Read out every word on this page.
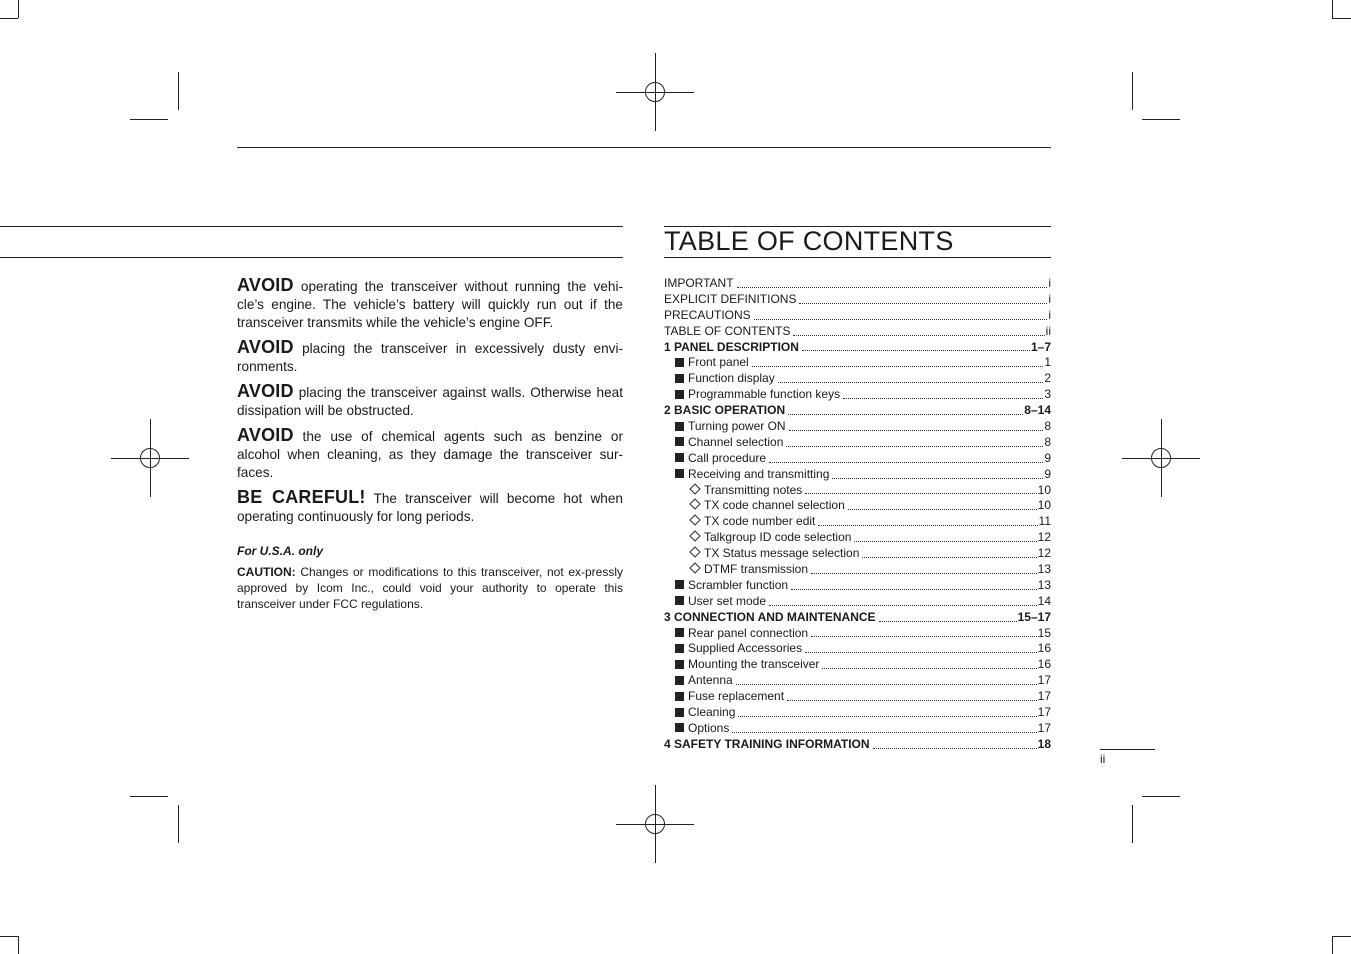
AVOID operating the transceiver without running the vehi-cle’s engine. The vehicle’s battery will quickly run out if the transceiver transmits while the vehicle’s engine OFF.

AVOID placing the transceiver in excessively dusty envi-ronments.

AVOID placing the transceiver against walls. Otherwise heat dissipation will be obstructed.

AVOID the use of chemical agents such as benzine or alcohol when cleaning, as they damage the transceiver sur-faces.

BE CAREFUL! The transceiver will become hot when operating continuously for long periods.

For U.S.A. only

CAUTION: Changes or modifications to this transceiver, not ex-pressly approved by Icom Inc., could void your authority to operate this transceiver under FCC regulations.

TABLE OF CONTENTS
IMPORTANT	i
EXPLICIT DEFINITIONS	i
PRECAUTIONS	i
TABLE OF CONTENTS	ii
1 PANEL DESCRIPTION	1–7
Front panel	1
Function display	2
Programmable function keys	3
2 BASIC OPERATION	8–14
Turning power ON	8
Channel selection	8
Call procedure	9
Receiving and transmitting	9
Transmitting notes	10
TX code channel selection	10
TX code number edit	11
Talkgroup ID code selection	12
TX Status message selection	12
DTMF transmission	13
Scrambler function	13
User set mode	14
3 CONNECTION AND MAINTENANCE	15–17
Rear panel connection	15
Supplied Accessories	16
Mounting the transceiver	16
Antenna	17
Fuse replacement	17
Cleaning	17
Options	17
4 SAFETY TRAINING INFORMATION	18
ii
